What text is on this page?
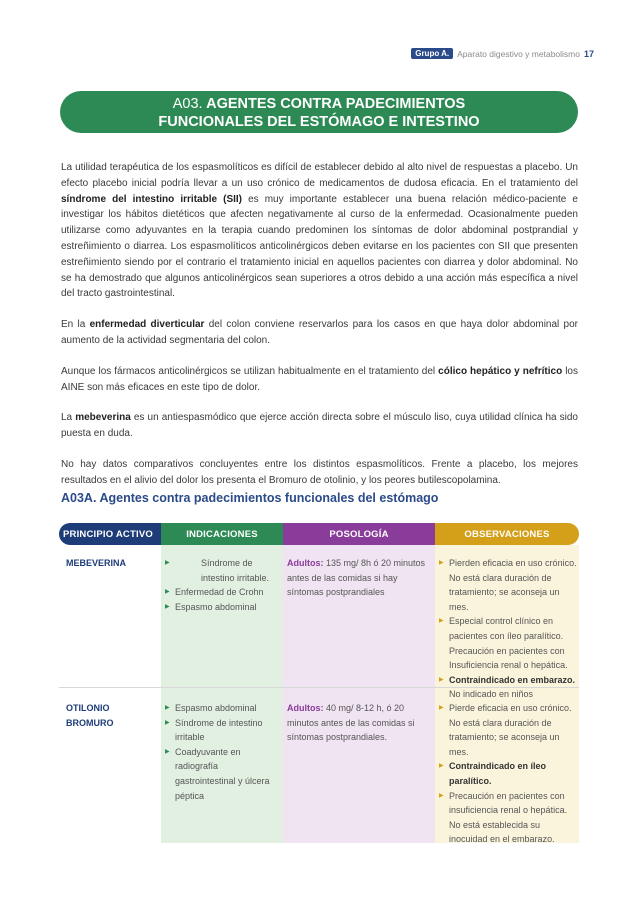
Grupo A. Aparato digestivo y metabolismo 17
A03. AGENTES CONTRA PADECIMIENTOS
FUNCIONALES DEL ESTÓMAGO E INTESTINO

La utilidad terapéutica de los espasmolíticos es difícil de establecer debido al alto nivel de respuestas a placebo. Un efecto placebo inicial podría llevar a un uso crónico de medicamentos de dudosa eficacia. En el tratamiento del síndrome del intestino irritable (SII) es muy importante establecer una buena relación médico-paciente e investigar los hábitos dietéticos que afecten negativamente al curso de la enfermedad. Ocasionalmente pueden utilizarse como adyuvantes en la terapia cuando predominen los síntomas de dolor abdominal postprandial y estreñimiento o diarrea. Los espasmolíticos anticolinérgicos deben evitarse en los pacientes con SII que presenten estreñimiento siendo por el contrario el tratamiento inicial en aquellos pacientes con diarrea y dolor abdominal. No se ha demostrado que algunos anticolinérgicos sean superiores a otros debido a una acción más específica a nivel del tracto gastrointestinal.

En la enfermedad diverticular del colon conviene reservarlos para los casos en que haya dolor abdominal por aumento de la actividad segmentaria del colon.

Aunque los fármacos anticolinérgicos se utilizan habitualmente en el tratamiento del cólico hepático y nefrítico los AINE son más eficaces en este tipo de dolor.

La mebeverina es un antiespasmódico que ejerce acción directa sobre el músculo liso, cuya utilidad clínica ha sido puesta en duda.

No hay datos comparativos concluyentes entre los distintos espasmolíticos. Frente a placebo, los mejores resultados en el alivio del dolor los presenta el Bromuro de otolinio, y los peores butilescopolamina.

A03A. Agentes contra padecimientos funcionales del estómago
PRINCIPIO ACTIVO	INDICACIONES	POSOLOGÍA	OBSERVACIONES
MEBEVERINA
▶	Síndrome de intestino irritable.
▶ Enfermedad de Crohn
▶ Espasmo abdominal
Adultos: 135 mg/ 8h ó 20 minutos antes de las comidas si hay síntomas postprandiales
▶ Pierden eficacia en uso crónico. No está clara duración de tratamiento; se aconseja un mes.
▶ Especial control clínico en pacientes con íleo paralítico. Precaución en pacientes con Insuficiencia renal o hepática.
▶ Contraindicado en embarazo. No indicado en niños
OTILONIO
BROMURO
▶ Espasmo abdominal
▶ Síndrome de intestino irritable
▶ Coadyuvante en radiografía gastrointestinal y úlcera péptica
Adultos: 40 mg/ 8-12 h, ó 20 minutos antes de las comidas si síntomas postprandiales.
▶ Pierde eficacia en uso crónico. No está clara duración de tratamiento; se aconseja un mes.
▶ Contraindicado en íleo paralítico.
▶ Precaución en pacientes con insuficiencia renal o hepática. No está establecida su inocuidad en el embarazo.
